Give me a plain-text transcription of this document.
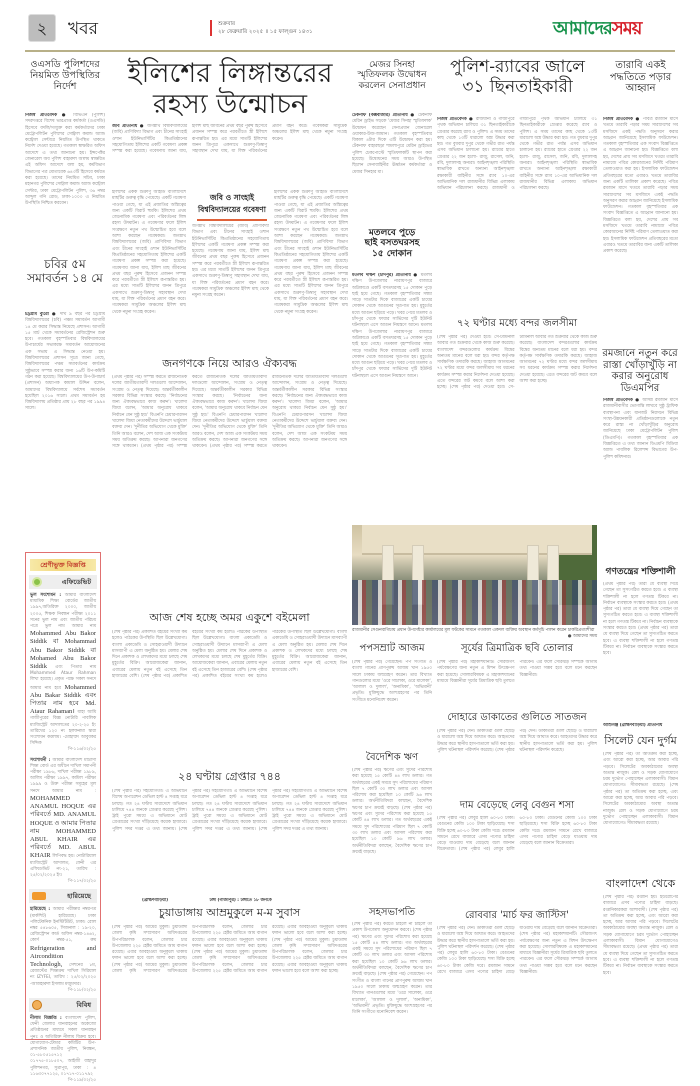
২	খবর	শুক্রবার
২৮ ফেব্রুয়ারি ২০২৫ ॥ ১৫ ফাল্গুন ১৪৩১	আমাদেরসময়
ওএসডি পুলিশদের নিয়মিত উপস্থিতির নির্দেশ
নিজস্ব প্রতিবেদক ● বিভিএন (পুলিশ) সদরদপ্তরে বিশেষ ভারপ্রাপ্ত কর্মকর্তা (ওএসডি) হিসেবে বদলি/সংযুক্ত করা কর্মকর্তাদের ঢাকা মেট্রোপলিটন পুলিশের সেন্ট্রাল কমান্ড অ্যান্ড কন্ট্রোল সেন্টারে নিয়মিত উপস্থিত থাকতে নির্দেশ দেওয়া হয়েছে। গতকাল স্বাক্ষরিত অফিস আদেশে এ তথ্য জানানো হয়। ইন্সপেক্টর জেনারেল অব পুলিশ বাহারুল আলম স্বাক্ষরিত এই অফিস আদেশে বলা হয়, কর্মবিভাগ বিভাগের পত্র মোতাবেক ৬৪৩টি হিসেবে কর্মরত করা হয়েছে। তাদের নিয়মিত সচিব, ঢাকা মহানগর পুলিশের সেন্ট্রাল কমান্ড অ্যান্ড কন্ট্রোল সেন্টার, ঢাকা মেট্রোপলিটন পুলিশ, ৩৬ নম্বর আব্দুল গনি রোড, ঢাকা-১০০০ এ নিয়মিত উপস্থিতি নিশ্চিত করবেন।
চবির ৫ম সমাবর্তন ১৪ মে
চট্টগ্রাম ব্যুরো ● দীর্ঘ ৯ বছর পর চট্টগ্রাম বিশ্ববিদ্যালয়ের (চবি) পঞ্চম সমাবর্তন আগামী ১৪ মে করার সিদ্ধান্ত নিয়েছে প্রশাসন। আগামী ১৫ মার্চ থেকে সমাবর্তনের রেজিস্ট্রেশন শুরু হবে। গতকাল বৃহস্পতিবার বিশ্ববিদ্যালয়ের উপাচার্যের সভাকক্ষে সমাবর্তন আয়োজনের এক সভায় এ সিদ্ধান্ত নেওয়া হয়। বিশ্ববিদ্যালয়ের প্রশাসন সূত্রে জানা গেছে, বিশ্ববিদ্যালয়ের পঞ্চম সমাবর্তনের কার্যক্রম সুষ্ঠুভাবে সম্পন্ন করার জন্য ১৬টি উপ-কমিটি গঠন করা হয়েছে। বিশ্ববিদ্যালয়ের উপ-উপাচার্য (প্রশাসন) অধ্যাপক কামাল উদ্দিন বলেন, আমাদের বিশ্ববিদ্যালয়ে সর্বশেষ সমাবর্তন হয়েছিল ২০১৬ সালে। প্রথম সমাবর্তন হয় বিশ্ববিদ্যালয় প্রতিষ্ঠার প্রায় ২৮ বছর পর ১৯৯৪ সালে।
শ্রেণীভুক্ত বিজ্ঞপ্তি
এফিডেভিট
ভুল সংশোধন : আমার বাংলাদেশ মাধ্যমিক শিক্ষা বোর্ডের জাতীয় ১৯৯৭,অতিরিক্ত ২০০০, জাতীয় ২০০৫, শিক্ষক নিবন্ধন পরীক্ষা ২০১১ সনের ভুল নাম এবং জাতীয় পরিচয় পত্রে ভুল নাম আমার নাম Mohammed Abu Bakor Siddik বা Mohammad Abu Bakor Siddik বা Mohamed Abu Bakor Siddik এবং পিতার নাম Mohammed Ataur Rahman লিখা হয়েছে। প্রকৃত পক্ষে সকল সনদে আমার নাম হবে Mohammed Abu Bakar Siddik এবং পিতার নাম হবে Md. Ataur Rahaman। যাহা আমি গাজীপুরের বিজ্ঞ নোটারি পাবলিক ম্যাজিস্ট্রেট আদালতের ২০-২-২৫ ইং তারিখের ১২০ নং হলফনামা দ্বারা সংশোধন করলাম। -মোহাম্মদ আবুবকর সিদ্দিক
পি-১১৬/০২/২৫
সংশোধনী : আমার বাংলাদেশ মাদ্রাসা শিক্ষা বোর্ড এর অধীনে দাখিল সমাপনী পরীক্ষা ১৯৮৬, দাখিল পরীক্ষা ১৯৮৯, আলিম পরীক্ষা ১৯৯৭, কামিল পরীক্ষা ১৯৯৯ ও উক্ত পরীক্ষা সমূহের মূল সনদে আমার নাম : MOHAMMED ANAMUL HOQUE এর পরিবর্তে MD. ANAMUL HOQUE ও আমার পিতার নাম MOHAMMED ABUL KHAIR এর পরিবর্তে MD. ABUL KHAIR লিপিবদ্ধ হয়। নোটারিয়াল ম্যাজিস্ট্রেট আদালত, ফেনী এর এফিডেভিট নং-২১, তারিখ : ২৫/০২/২০২৫ ইং।
পি-১১৭/০২/২৫
হারিয়েছে
হারিয়েছে : আমার পরীক্ষার নম্বরপত্র (মার্কশিট) হারিয়েছে। ঢাকা পলিটেকনিক ইনস্টিটিউট, ঢাকা। রোল নম্বর ৫৪৮৬০৫, সিজনাল : ১৯-২০, রেজিস্ট্রেশন কার্ড অফিস নম্বর-১৪৬২, কোর্স নম্বর-৫১, রুম Refrigeration and Aircondition Technologh, সেশনের ৮ম, রেজাল্টের শিক্ষাক্রম দাখিল সিরিয়াল নং IZYFEI, তারিখ : ২৫/০২/২০২৫ -আজহারুল ইসলাম মজুমদার।
পি-১১৮/০২/২৫
বিবিধ
নীলাম বিজ্ঞপ্তি : বাংলাদেশ পুলিশ, ফেনী জেলার যানবাহনের অকেজো প্রতিষ্ঠানের মাধ্যমে সকল যানবাহন পুনঃ ও অতিরিক্ত নীলাম বিক্রয় হবে। যোগাযোগ-টেন্ডার কমিটির উপ-প্রশাসনিক জাতীয় পুলিশ, নিবন্ধন, ০১-৫৮০৫১৫৭১২ ০১৭৭৫-০১৮৫০৭, আইজী বাহাদুর পুলিশনগর, সুত্রাপুর, ঢাকা : ৪ ১১৬৩০৭৭১২৫, ০১৭১৭-০১১৭৯২
পি-১১৯/০২/২৫
ইলিশের লিঙ্গান্তরের
রহস্য উন্মোচন
জবি প্রতিনিধি ● জগন্নাথ বিশ্ববিদ্যালয়ের (জবি) প্রাণিবিদ্যা বিভাগ এবং চীনের সাংহাই ওশান ইউনিভার্সিটির কিপ্রতিষ্ঠানের সহযোগিতায় ইলিশের একটি গবেষণা প্রকল্প সম্পন্ন করা হয়েছে। গবেষণায় জানা যায়, ইলিশ মাছ জীবনের প্রথম বছর পুরুষ হিসেবে প্রজনন সম্পন্ন করে পরবর্তীতে স্ত্রী ইলিশে রূপান্তরিত হয়। এর মধ্যে সাতটি ইলিশের জনন ত্রিপুরে একসাথে শুক্রাণু-ডিম্বাণু সহাবস্থান দেখা যায়, যা লিঙ্গ পরিবর্তনের প্রমাণ বহন করে। গবেষকরা সামুদ্রিক অঞ্চলের ইলিশ মাছ থেকে নমুনা সংগ্রহ করেন।
ইলিশের একক শুক্রাণু আইডি বাংলাদেশে মাছটির গুরুত্ব বৃদ্ধি পেয়েছে। একটি গবেষণা পাওয়া গেছে, যা এই প্রজাতির অস্তিত্বের জন্য একটি বিরাট হুমকি। ইলিশের প্রথম জেনোমিক গবেষণা এবং পরিবর্তনের লিঙ্গ রহস্য উদ্ঘাটন। এ গবেষণার ফলে ইলিশ সংরক্ষণে নতুন পথ উন্মোচিত হবে বলে আশা করছেন গবেষকরা। জগন্নাথ বিশ্ববিদ্যালয়ের (জবি) প্রাণিবিদ্যা বিভাগ এবং চীনের সাংহাই ওশান ইউনিভার্সিটির কিপ্রতিষ্ঠানের সহযোগিতায় ইলিশের একটি গবেষণা প্রকল্প সম্পন্ন করা হয়েছে। গবেষণায় জানা যায়, ইলিশ মাছ জীবনের প্রথম বছর পুরুষ হিসেবে প্রজনন সম্পন্ন করে পরবর্তীতে স্ত্রী ইলিশে রূপান্তরিত হয়। এর মধ্যে সাতটি ইলিশের জনন ত্রিপুরে একসাথে শুক্রাণু-ডিম্বাণু সহাবস্থান দেখা যায়, যা লিঙ্গ পরিবর্তনের প্রমাণ বহন করে। গবেষকরা সামুদ্রিক অঞ্চলের ইলিশ মাছ থেকে নমুনা সংগ্রহ করেন।
জবি ও সাংহাই
বিশ্ববিদ্যালয়ের গবেষণা
জগন্নাথ বিশ্ববিদ্যালয়ের (জবি) প্রাণিবিদ্যা বিভাগ এবং চীনের সাংহাই ওশান ইউনিভার্সিটির কিপ্রতিষ্ঠানের সহযোগিতায় ইলিশের একটি গবেষণা প্রকল্প সম্পন্ন করা হয়েছে। গবেষণায় জানা যায়, ইলিশ মাছ জীবনের প্রথম বছর পুরুষ হিসেবে প্রজনন সম্পন্ন করে পরবর্তীতে স্ত্রী ইলিশে রূপান্তরিত হয়। এর মধ্যে সাতটি ইলিশের জনন ত্রিপুরে একসাথে শুক্রাণু-ডিম্বাণু সহাবস্থান দেখা যায়, যা লিঙ্গ পরিবর্তনের প্রমাণ বহন করে। গবেষকরা সামুদ্রিক অঞ্চলের ইলিশ মাছ থেকে নমুনা সংগ্রহ করেন।
ইলিশের একক শুক্রাণু আইডি বাংলাদেশে মাছটির গুরুত্ব বৃদ্ধি পেয়েছে। একটি গবেষণা পাওয়া গেছে, যা এই প্রজাতির অস্তিত্বের জন্য একটি বিরাট হুমকি। ইলিশের প্রথম জেনোমিক গবেষণা এবং পরিবর্তনের লিঙ্গ রহস্য উদ্ঘাটন। এ গবেষণার ফলে ইলিশ সংরক্ষণে নতুন পথ উন্মোচিত হবে বলে আশা করছেন গবেষকরা। জগন্নাথ বিশ্ববিদ্যালয়ের (জবি) প্রাণিবিদ্যা বিভাগ এবং চীনের সাংহাই ওশান ইউনিভার্সিটির কিপ্রতিষ্ঠানের সহযোগিতায় ইলিশের একটি গবেষণা প্রকল্প সম্পন্ন করা হয়েছে। গবেষণায় জানা যায়, ইলিশ মাছ জীবনের প্রথম বছর পুরুষ হিসেবে প্রজনন সম্পন্ন করে পরবর্তীতে স্ত্রী ইলিশে রূপান্তরিত হয়। এর মধ্যে সাতটি ইলিশের জনন ত্রিপুরে একসাথে শুক্রাণু-ডিম্বাণু সহাবস্থান দেখা যায়, যা লিঙ্গ পরিবর্তনের প্রমাণ বহন করে। গবেষকরা সামুদ্রিক অঞ্চলের ইলিশ মাছ থেকে নমুনা সংগ্রহ করেন।
মেজর সিনহা স্মৃতিফলক উদ্বোধন করলেন সেনাপ্রধান
টেকনাফ (কক্সবাজার) প্রতিনিধি ● টেকনাফ মেরিন ড্রাইভ সড়কে 'মেজর সিনহা স্মৃতিফলক' উদ্বোধন করেছেন সেনাপ্রধান জেনারেল ওয়াকার-উজ-জামান। গতকাল বৃহস্পতিবার বিকাল ৪টার দিকে এটি উদ্বোধন করা হয়। টেকনাফ বাহারছড়া শামলাপুরে মেরিন ড্রাইভের পুলিশ চেকপোস্টে স্মৃতিফলকটি স্থাপন করা হয়েছে। উদ্বোধনের সময় আরও উপস্থিত ছিলেন সেনাবাহিনীর ঊর্ধ্বতন কর্মকর্তারা ও মেজর সিনহার মা।
মতলবে পুড়ে
ছাই বসতঘরসহ
১৫ দোকান
মতলব দক্ষিণ (চাঁদপুর) প্রতিনিধি ● মতলব দক্ষিণ উপজেলার নারায়ণপুর বাজারে অগ্নিকাণ্ডে একটি বসতঘরসহ ১৫ দোকান পুড়ে ছাই হয়ে গেছে। গতকাল বৃহস্পতিবার সন্ধ্যা সাড়ে সাতটার দিকে বাজারের একটি চায়ের দোকান থেকে আগুনের সূত্রপাত হয়। মুহূর্তের মধ্যে আগুন ছড়িয়ে পড়ে। খবর পেয়ে মতলব ও চাঁদপুর থেকে ফায়ার সার্ভিসের দুটি ইউনিট ঘটনাস্থলে এসে আগুন নিয়ন্ত্রণে আনে। মতলব দক্ষিণ উপজেলার নারায়ণপুর বাজারে অগ্নিকাণ্ডে একটি বসতঘরসহ ১৫ দোকান পুড়ে ছাই হয়ে গেছে। গতকাল বৃহস্পতিবার সন্ধ্যা সাড়ে সাতটার দিকে বাজারের একটি চায়ের দোকান থেকে আগুনের সূত্রপাত হয়। মুহূর্তের মধ্যে আগুন ছড়িয়ে পড়ে। খবর পেয়ে মতলব ও চাঁদপুর থেকে ফায়ার সার্ভিসের দুটি ইউনিট ঘটনাস্থলে এসে আগুন নিয়ন্ত্রণে আনে।
পুলিশ-র‌্যাবের জালে
৩১ ছিনতাইকারী
নিজস্ব প্রতিবেদক ● রাজধানী ও গাজীপুরে পৃথক অভিযান চালিয়ে ৩১ ছিনতাইকারীকে গ্রেপ্তার করেছে র‌্যাব ও পুলিশ। এ সময় তাদের কাছ থেকে ১৩টি ধারালো অস্ত্র উদ্ধার করা হয়। গত বুধবার দুপুর থেকে গভীর রাত পর্যন্ত এসব অভিযান চালানো হয়। র‌্যাবের হাতে গ্রেপ্তার ২২ জন হলো- রাজু, রাসেল, জনি, রবি, দুলালসহ অন্যরা। আইনশৃঙ্খলা পরিস্থিতি স্বাভাবিক রাখতে অন্যান্য আইনশৃঙ্খলা রক্ষাকারী বাহিনীর সঙ্গে র‌্যাব ১০-এর আভিযানিক দল রাজধানীর বিভিন্ন এলাকায় অভিযান পরিচালনা করছে। রাজধানী ও গাজীপুরে পৃথক অভিযান চালিয়ে ৩১ ছিনতাইকারীকে গ্রেপ্তার করেছে র‌্যাব ও পুলিশ। এ সময় তাদের কাছ থেকে ১৩টি ধারালো অস্ত্র উদ্ধার করা হয়। গত বুধবার দুপুর থেকে গভীর রাত পর্যন্ত এসব অভিযান চালানো হয়। র‌্যাবের হাতে গ্রেপ্তার ২২ জন হলো- রাজু, রাসেল, জনি, রবি, দুলালসহ অন্যরা। আইনশৃঙ্খলা পরিস্থিতি স্বাভাবিক রাখতে অন্যান্য আইনশৃঙ্খলা রক্ষাকারী বাহিনীর সঙ্গে র‌্যাব ১০-এর আভিযানিক দল রাজধানীর বিভিন্ন এলাকায় অভিযান পরিচালনা করছে।
৭২ ঘণ্টার মধ্যে বন্দর জলসীমা
(শেষ পৃষ্ঠার পর) দেওয়া হবে। সে-টার্মিনাল আবার গত শুক্রবার থেকে কাজ শুরু করেছে। বাংলাদেশ বন্দরগুলোর কার্যক্রম বিশ্বের অন্যতম মানের বলে ধরা হয়। বন্দর কর্তৃপক্ষ সার্বক্ষণিক তদারকি করছে। জাহাজ আগমনের ৭২ ঘণ্টার মধ্যে বন্দর জলসীমায় সব ধরনের কার্যক্রম সম্পন্ন করার নির্দেশনা দেওয়া হয়েছে। এতে বন্দরের জট কমবে বলে আশা করা হচ্ছে। (শেষ পৃষ্ঠার পর) দেওয়া হবে। সে-টার্মিনাল আবার গত শুক্রবার থেকে কাজ শুরু করেছে। বাংলাদেশ বন্দরগুলোর কার্যক্রম বিশ্বের অন্যতম মানের বলে ধরা হয়। বন্দর কর্তৃপক্ষ সার্বক্ষণিক তদারকি করছে। জাহাজ আগমনের ৭২ ঘণ্টার মধ্যে বন্দর জলসীমায় সব ধরনের কার্যক্রম সম্পন্ন করার নির্দেশনা দেওয়া হয়েছে। এতে বন্দরের জট কমবে বলে আশা করা হচ্ছে।
তারাবি একই পদ্ধতিতে পড়ার আহ্বান
নিজস্ব প্রতিবেদক ● পবিত্র রমজান মাসে খতমে তারাবি পড়ার সময় সারাদেশের সব মসজিদে একই পদ্ধতি অনুসরণ করার আহ্বান জানিয়েছে ইসলামিক ফাউন্ডেশন। গতকাল বৃহস্পতিবার এক সংবাদ বিজ্ঞপ্তিতে এ আহ্বান জানানো হয়। বিজ্ঞপ্তিতে বলা হয়, দেশের প্রায় সব মসজিদে খতমে তারাবি নামাজে পবিত্র কোরআনের নির্দিষ্ট পরিমাণ তেলাওয়াত করা হয়। ইসলামিক ফাউন্ডেশন প্রতিবছরের মতো এবারও খতমে তারাবির জন্য একটি তালিকা প্রকাশ করেছে। পবিত্র রমজান মাসে খতমে তারাবি পড়ার সময় সারাদেশের সব মসজিদে একই পদ্ধতি অনুসরণ করার আহ্বান জানিয়েছে ইসলামিক ফাউন্ডেশন। গতকাল বৃহস্পতিবার এক সংবাদ বিজ্ঞপ্তিতে এ আহ্বান জানানো হয়। বিজ্ঞপ্তিতে বলা হয়, দেশের প্রায় সব মসজিদে খতমে তারাবি নামাজে পবিত্র কোরআনের নির্দিষ্ট পরিমাণ তেলাওয়াত করা হয়। ইসলামিক ফাউন্ডেশন প্রতিবছরের মতো এবারও খতমে তারাবির জন্য একটি তালিকা প্রকাশ করেছে।
রমজানে নতুন করে রাস্তা খোঁড়াখুঁড়ি না করার অনুরোধ ডিএমপির
নিজস্ব প্রতিবেদক ● আসন্ন রমজান মাসে রাজধানীবাসীর ভোগান্তি লাঘবে সুষ্ঠু ট্রাফিক ব্যবস্থাপনা এবং যানজট নিরসনে বিভিন্ন সংস্থা-উন্নয়নকারী প্রতিষ্ঠানগুলোকে নতুন করে রাস্তা না খোঁড়াখুঁড়ির অনুরোধ জানিয়েছে ঢাকা মেট্রোপলিটন পুলিশ (ডিএমপি)। গতকাল বৃহস্পতিবার এক বিজ্ঞপ্তিতে এ তথ্য জানান ডিএমপি মিডিয়া অ্যান্ড পাবলিক রিলেশন্স বিভাগের উপ-পুলিশ কমিশনার।
গণতন্ত্রের শক্তিশালী
(প্রথম পৃষ্ঠার পর) তারা যে ব্যবস্থা দিয়ে গেছেন তা সুসংগঠিত করতে হবে। এ ব্যবস্থা শক্তিশালী না হলে গণতন্ত্র টিকবে না। নির্বাচন ব্যবস্থাকে সংস্কার করতে হবে। (প্রথম পৃষ্ঠার পর) তারা যে ব্যবস্থা দিয়ে গেছেন তা সুসংগঠিত করতে হবে। এ ব্যবস্থা শক্তিশালী না হলে গণতন্ত্র টিকবে না। নির্বাচন ব্যবস্থাকে সংস্কার করতে হবে। (প্রথম পৃষ্ঠার পর) তারা যে ব্যবস্থা দিয়ে গেছেন তা সুসংগঠিত করতে হবে। এ ব্যবস্থা শক্তিশালী না হলে গণতন্ত্র টিকবে না। নির্বাচন ব্যবস্থাকে সংস্কার করতে হবে।
আশুগঞ্জ (ব্রাহ্মণবাড়িয়া) প্রতিনিধি
সিলেট যেন দুর্গম
(শেষ পৃষ্ঠার পর) তা অতিক্রম করা হচ্ছে, এবং আরো করা হচ্ছে, আর আবার পরি পড়বে। সিলেটের অবকাঠামোর অবস্থা অত্যন্ত নাজুক। রেল ও সড়ক যোগাযোগে চরম দুর্ভোগ পোহাচ্ছেন এলাকাবাসী। বিমান যোগাযোগেও সীমাবদ্ধতা রয়েছে। (শেষ পৃষ্ঠার পর) তা অতিক্রম করা হচ্ছে, এবং আরো করা হচ্ছে, আর আবার পরি পড়বে। সিলেটের অবকাঠামোর অবস্থা অত্যন্ত নাজুক। রেল ও সড়ক যোগাযোগে চরম দুর্ভোগ পোহাচ্ছেন এলাকাবাসী। বিমান যোগাযোগেও সীমাবদ্ধতা রয়েছে।
বাংলাদেশ থেকে
(শেষ পৃষ্ঠার পর) রপ্তানি হয়। ইউরোপের বাজারে এসব পণ্যের চাহিদা বাড়ছে। রপ্তানিকারকরা আশাবাদী। (শেষ পৃষ্ঠার পর) তা অতিক্রম করা হচ্ছে, এবং আরো করা হচ্ছে, আর আবার পরি পড়বে। সিলেটের অবকাঠামোর অবস্থা অত্যন্ত নাজুক। রেল ও সড়ক যোগাযোগে চরম দুর্ভোগ পোহাচ্ছেন এলাকাবাসী। বিমান যোগাযোগেও সীমাবদ্ধতা রয়েছে। (প্রথম পৃষ্ঠার পর) তারা যে ব্যবস্থা দিয়ে গেছেন তা সুসংগঠিত করতে হবে। এ ব্যবস্থা শক্তিশালী না হলে গণতন্ত্র টিকবে না। নির্বাচন ব্যবস্থাকে সংস্কার করতে হবে।
জনগণকে নিয়ে আরও ঐক্যবদ্ধ
(প্রথম পৃষ্ঠার পর) সম্পন্ন করতে রাজনৈতিক দলের জাতীয়তাবাদী দলগুলো আন্দোলন, সংগ্রাম ও নেতৃত্ব দিয়েছে। অন্তর্বর্তীকালীন সরকার বিভিন্ন সংস্কার করছে। 'নির্বাচনের জন্য ঐক্যবদ্ধভাবে কাজ করুন'। খালেদা জিয়া বলেন, 'আমার অনুরোধ থাকবে নির্বাচন যেন সুষ্ঠু হয়।' বিএনপি চেয়ারপারসন খালেদা জিয়া নেতাকর্মীদের উদ্দেশে ভার্চুয়াল বক্তব্য দেন। 'দুর্নীতির অভিযোগ থেকে মুক্তি' তিনি আরও বলেন, দেশ আজ এক সংকটময় সময় অতিক্রম করছে। আপনারা জনগণের সঙ্গে থাকবেন। (প্রথম পৃষ্ঠার পর) সম্পন্ন করতে রাজনৈতিক দলের জাতীয়তাবাদী দলগুলো আন্দোলন, সংগ্রাম ও নেতৃত্ব দিয়েছে। অন্তর্বর্তীকালীন সরকার বিভিন্ন সংস্কার করছে। 'নির্বাচনের জন্য ঐক্যবদ্ধভাবে কাজ করুন'। খালেদা জিয়া বলেন, 'আমার অনুরোধ থাকবে নির্বাচন যেন সুষ্ঠু হয়।' বিএনপি চেয়ারপারসন খালেদা জিয়া নেতাকর্মীদের উদ্দেশে ভার্চুয়াল বক্তব্য দেন। 'দুর্নীতির অভিযোগ থেকে মুক্তি' তিনি আরও বলেন, দেশ আজ এক সংকটময় সময় অতিক্রম করছে। আপনারা জনগণের সঙ্গে থাকবেন। (প্রথম পৃষ্ঠার পর) সম্পন্ন করতে রাজনৈতিক দলের জাতীয়তাবাদী দলগুলো আন্দোলন, সংগ্রাম ও নেতৃত্ব দিয়েছে। অন্তর্বর্তীকালীন সরকার বিভিন্ন সংস্কার করছে। 'নির্বাচনের জন্য ঐক্যবদ্ধভাবে কাজ করুন'। খালেদা জিয়া বলেন, 'আমার অনুরোধ থাকবে নির্বাচন যেন সুষ্ঠু হয়।' বিএনপি চেয়ারপারসন খালেদা জিয়া নেতাকর্মীদের উদ্দেশে ভার্চুয়াল বক্তব্য দেন। 'দুর্নীতির অভিযোগ থেকে মুক্তি' তিনি আরও বলেন, দেশ আজ এক সংকটময় সময় অতিক্রম করছে। আপনারা জনগণের সঙ্গে থাকবেন।
আজ শেষ হচ্ছে অমর একুশে বইমেলা
(শেষ পৃষ্ঠার পর) প্রকাশিত বইয়ের সংখ্যা কম হলেও পাঠকের উপস্থিতি ছিল উল্লেখযোগ্য। বাংলা একাডেমি ও সোহরাওয়ার্দী উদ্যানে মাসব্যাপী এ মেলা অনুষ্ঠিত হয়। মেলার শেষ দিনে প্রকাশক ও লেখকদের মধ্যে চলছে শেষ মুহূর্তের বিক্রি। আয়োজকেরা জানান, এবারের মেলায় নতুন বই এসেছে তিন হাজারের বেশি। (শেষ পৃষ্ঠার পর) প্রকাশিত বইয়ের সংখ্যা কম হলেও পাঠকের উপস্থিতি ছিল উল্লেখযোগ্য। বাংলা একাডেমি ও সোহরাওয়ার্দী উদ্যানে মাসব্যাপী এ মেলা অনুষ্ঠিত হয়। মেলার শেষ দিনে প্রকাশক ও লেখকদের মধ্যে চলছে শেষ মুহূর্তের বিক্রি। আয়োজকেরা জানান, এবারের মেলায় নতুন বই এসেছে তিন হাজারের বেশি। (শেষ পৃষ্ঠার পর) প্রকাশিত বইয়ের সংখ্যা কম হলেও পাঠকের উপস্থিতি ছিল উল্লেখযোগ্য। বাংলা একাডেমি ও সোহরাওয়ার্দী উদ্যানে মাসব্যাপী এ মেলা অনুষ্ঠিত হয়। মেলার শেষ দিনে প্রকাশক ও লেখকদের মধ্যে চলছে শেষ মুহূর্তের বিক্রি। আয়োজকেরা জানান, এবারের মেলায় নতুন বই এসেছে তিন হাজারের বেশি।
২৪ ঘণ্টায় গ্রেপ্তার ৭৪৪
(শেষ পৃষ্ঠার পর) সহযোগিতা। এ অভিযানে বিশেষ অপারেশন ডেভিল হান্ট ৪ সপ্তাহ ধরে চলছে। গত ২৪ ঘণ্টায় সারাদেশে অভিযান চালিয়ে ৭৪৪ জনকে গ্রেপ্তার করেছে পুলিশ। ট্রাই পুরো সময়ে এ অভিযানে মোট গ্রেপ্তারের সংখ্যা দাঁড়িয়েছে কয়েক হাজারে। পুলিশ সদর দপ্তর এ তথ্য জানায়। (শেষ পৃষ্ঠার পর) সহযোগিতা। এ অভিযানে বিশেষ অপারেশন ডেভিল হান্ট ৪ সপ্তাহ ধরে চলছে। গত ২৪ ঘণ্টায় সারাদেশে অভিযান চালিয়ে ৭৪৪ জনকে গ্রেপ্তার করেছে পুলিশ। ট্রাই পুরো সময়ে এ অভিযানে মোট গ্রেপ্তারের সংখ্যা দাঁড়িয়েছে কয়েক হাজারে। পুলিশ সদর দপ্তর এ তথ্য জানায়। (শেষ পৃষ্ঠার পর) সহযোগিতা। এ অভিযানে বিশেষ অপারেশন ডেভিল হান্ট ৪ সপ্তাহ ধরে চলছে। গত ২৪ ঘণ্টায় সারাদেশে অভিযান চালিয়ে ৭৪৪ জনকে গ্রেপ্তার করেছে পুলিশ। ট্রাই পুরো সময়ে এ অভিযানে মোট গ্রেপ্তারের সংখ্যা দাঁড়িয়েছে কয়েক হাজারে। পুলিশ সদর দপ্তর এ তথ্য জানায়।
(ব্রাহ্মণবাড়িয়া)	টঙ্গী (গাজীপুর) : টঙ্গীতে ১৮ জনকে
চুয়াডাঙ্গায় আম্রমুকুলে ম-ম সুবাস
(শেষ পৃষ্ঠার পর) আমের মুকুল। চুয়াডাঙ্গা জেলা কৃষি সম্প্রসারণ অধিদপ্তরের উপপরিচালক বলেন, জেলার চার উপজেলায় ২২৫ হেক্টর জমিতে আম বাগান রয়েছে। এবার আবহাওয়া অনুকূলে থাকায় ফলন ভালো হবে বলে আশা করা হচ্ছে। (শেষ পৃষ্ঠার পর) আমের মুকুল। চুয়াডাঙ্গা জেলা কৃষি সম্প্রসারণ অধিদপ্তরের উপপরিচালক বলেন, জেলার চার উপজেলায় ২২৫ হেক্টর জমিতে আম বাগান রয়েছে। এবার আবহাওয়া অনুকূলে থাকায় ফলন ভালো হবে বলে আশা করা হচ্ছে। (শেষ পৃষ্ঠার পর) আমের মুকুল। চুয়াডাঙ্গা জেলা কৃষি সম্প্রসারণ অধিদপ্তরের উপপরিচালক বলেন, জেলার চার উপজেলায় ২২৫ হেক্টর জমিতে আম বাগান রয়েছে। এবার আবহাওয়া অনুকূলে থাকায় ফলন ভালো হবে বলে আশা করা হচ্ছে। (শেষ পৃষ্ঠার পর) আমের মুকুল। চুয়াডাঙ্গা জেলা কৃষি সম্প্রসারণ অধিদপ্তরের উপপরিচালক বলেন, জেলার চার উপজেলায় ২২৫ হেক্টর জমিতে আম বাগান রয়েছে। এবার আবহাওয়া অনুকূলে থাকায় ফলন ভালো হবে বলে আশা করা হচ্ছে।
রাজধানীর সেগুনবাগিচায় প্রধান উপদেষ্টার কার্যালয়ের মূল ফটকের সামনে গতকাল একদল ব্যক্তির অবস্থান কর্মসূচি পালন করেন চাকরিপ্রত্যাশীরা
● আমাদের সময়
পপসম্রাট আজম
(শেষ পৃষ্ঠার পর) গেয়েছেন। পপ সংগীত ও বাংলা গানের প্রাণপুরুষ আজম খান ১৯৫০ সালে ঢাকায় জন্মগ্রহণ করেন। তার বিখ্যাত গানগুলোর মধ্যে 'ওরে সালেকা, ওরে মালেকা', 'আলাল ও দুলাল', 'অনামিকা', 'অভিমানী' প্রভৃতি। মুক্তিযুদ্ধে অংশগ্রহণের পর তিনি সংগীতে মনোনিবেশ করেন।
বৈদেশিক ঋণ
(শেষ পৃষ্ঠার পর) ঋণের এবং সুদের পরিশোধ করা হয়েছে ১৫ কোটি ৪৪ লাখ ডলার। গত অর্থবছরের একই সময়ে সুদ পরিশোধের পরিমাণ ছিল ৭ কোটি ৩০ লাখ ডলার এবং আসল পরিশোধ করা হয়েছিল ১০ কোটি ৯৬ লাখ ডলার। অর্থনীতিবিদরা বলছেন, বৈদেশিক ঋণের চাপ ক্রমেই বাড়ছে। (শেষ পৃষ্ঠার পর) ঋণের এবং সুদের পরিশোধ করা হয়েছে ১৫ কোটি ৪৪ লাখ ডলার। গত অর্থবছরের একই সময়ে সুদ পরিশোধের পরিমাণ ছিল ৭ কোটি ৩০ লাখ ডলার এবং আসল পরিশোধ করা হয়েছিল ১০ কোটি ৯৬ লাখ ডলার। অর্থনীতিবিদরা বলছেন, বৈদেশিক ঋণের চাপ ক্রমেই বাড়ছে।
সহসভাপতি
(শেষ পৃষ্ঠার পর) করতে চাইলে না চাইলে তা প্রকাশ উপজেলা অনুমোদন করবে। (শেষ পৃষ্ঠার পর) ঋণের এবং সুদের পরিশোধ করা হয়েছে ১৫ কোটি ৪৪ লাখ ডলার। গত অর্থবছরের একই সময়ে সুদ পরিশোধের পরিমাণ ছিল ৭ কোটি ৩০ লাখ ডলার এবং আসল পরিশোধ করা হয়েছিল ১০ কোটি ৯৬ লাখ ডলার। অর্থনীতিবিদরা বলছেন, বৈদেশিক ঋণের চাপ ক্রমেই বাড়ছে। (শেষ পৃষ্ঠার পর) গেয়েছেন। পপ সংগীত ও বাংলা গানের প্রাণপুরুষ আজম খান ১৯৫০ সালে ঢাকায় জন্মগ্রহণ করেন। তার বিখ্যাত গানগুলোর মধ্যে 'ওরে সালেকা, ওরে মালেকা', 'আলাল ও দুলাল', 'অনামিকা', 'অভিমানী' প্রভৃতি। মুক্তিযুদ্ধে অংশগ্রহণের পর তিনি সংগীতে মনোনিবেশ করেন।
সূর্যের ত্রিমাত্রিক ছবি তোলার
(শেষ পৃষ্ঠার পর) মহাকাশযানটি। সৌরজগৎ পর্যবেক্ষণের জন্য নতুন এ মিশন উৎক্ষেপণ করা হয়েছে। সোলারবিষয়ক এ মহাকাশযানের মাধ্যমে বিজ্ঞানীরা সূর্যের ত্রিমাত্রিক ছবি তুলতে পারবেন। এর ফলে সৌরঝড় সম্পর্কে আগাম তথ্য পাওয়া সম্ভব হবে বলে মনে করছেন বিজ্ঞানীরা।
দোহারে ডাকাতের গুলিতে সাতজন
(শেষ পৃষ্ঠার পর) দেন। ডাকাতরা গুলি ছোড়ে ও ধারালো অস্ত্র দিয়ে আঘাত করে। আহতদের উদ্ধার করে স্থানীয় হাসপাতালে ভর্তি করা হয়। পুলিশ ঘটনাস্থল পরিদর্শন করেছে। (শেষ পৃষ্ঠার পর) দেন। ডাকাতরা গুলি ছোড়ে ও ধারালো অস্ত্র দিয়ে আঘাত করে। আহতদের উদ্ধার করে স্থানীয় হাসপাতালে ভর্তি করা হয়। পুলিশ ঘটনাস্থল পরিদর্শন করেছে।
দাম বেড়েছে লেবু বেগুন শসা
(শেষ পৃষ্ঠার পর) লেবুর হালি ৬০-৮০ টাকা। বেগুনের কেজি ১০০ টাকা ছাড়িয়েছে। শসা বিক্রি হচ্ছে ৬০-৮০ টাকা কেজি দরে। রমজান সামনে রেখে বাজারে এসব পণ্যের চাহিদা বেড়ে যাওয়ায় দাম বেড়েছে বলে জানান বিক্রেতারা। (শেষ পৃষ্ঠার পর) লেবুর হালি ৬০-৮০ টাকা। বেগুনের কেজি ১০০ টাকা ছাড়িয়েছে। শসা বিক্রি হচ্ছে ৬০-৮০ টাকা কেজি দরে। রমজান সামনে রেখে বাজারে এসব পণ্যের চাহিদা বেড়ে যাওয়ায় দাম বেড়েছে বলে জানান বিক্রেতারা।
রোববার 'মার্চ ফর জাস্টিস'
(শেষ পৃষ্ঠার পর) দেন। ডাকাতরা গুলি ছোড়ে ও ধারালো অস্ত্র দিয়ে আঘাত করে। আহতদের উদ্ধার করে স্থানীয় হাসপাতালে ভর্তি করা হয়। পুলিশ ঘটনাস্থল পরিদর্শন করেছে। (শেষ পৃষ্ঠার পর) লেবুর হালি ৬০-৮০ টাকা। বেগুনের কেজি ১০০ টাকা ছাড়িয়েছে। শসা বিক্রি হচ্ছে ৬০-৮০ টাকা কেজি দরে। রমজান সামনে রেখে বাজারে এসব পণ্যের চাহিদা বেড়ে যাওয়ায় দাম বেড়েছে বলে জানান বিক্রেতারা। (শেষ পৃষ্ঠার পর) মহাকাশযানটি। সৌরজগৎ পর্যবেক্ষণের জন্য নতুন এ মিশন উৎক্ষেপণ করা হয়েছে। সোলারবিষয়ক এ মহাকাশযানের মাধ্যমে বিজ্ঞানীরা সূর্যের ত্রিমাত্রিক ছবি তুলতে পারবেন। এর ফলে সৌরঝড় সম্পর্কে আগাম তথ্য পাওয়া সম্ভব হবে বলে মনে করছেন বিজ্ঞানীরা।
